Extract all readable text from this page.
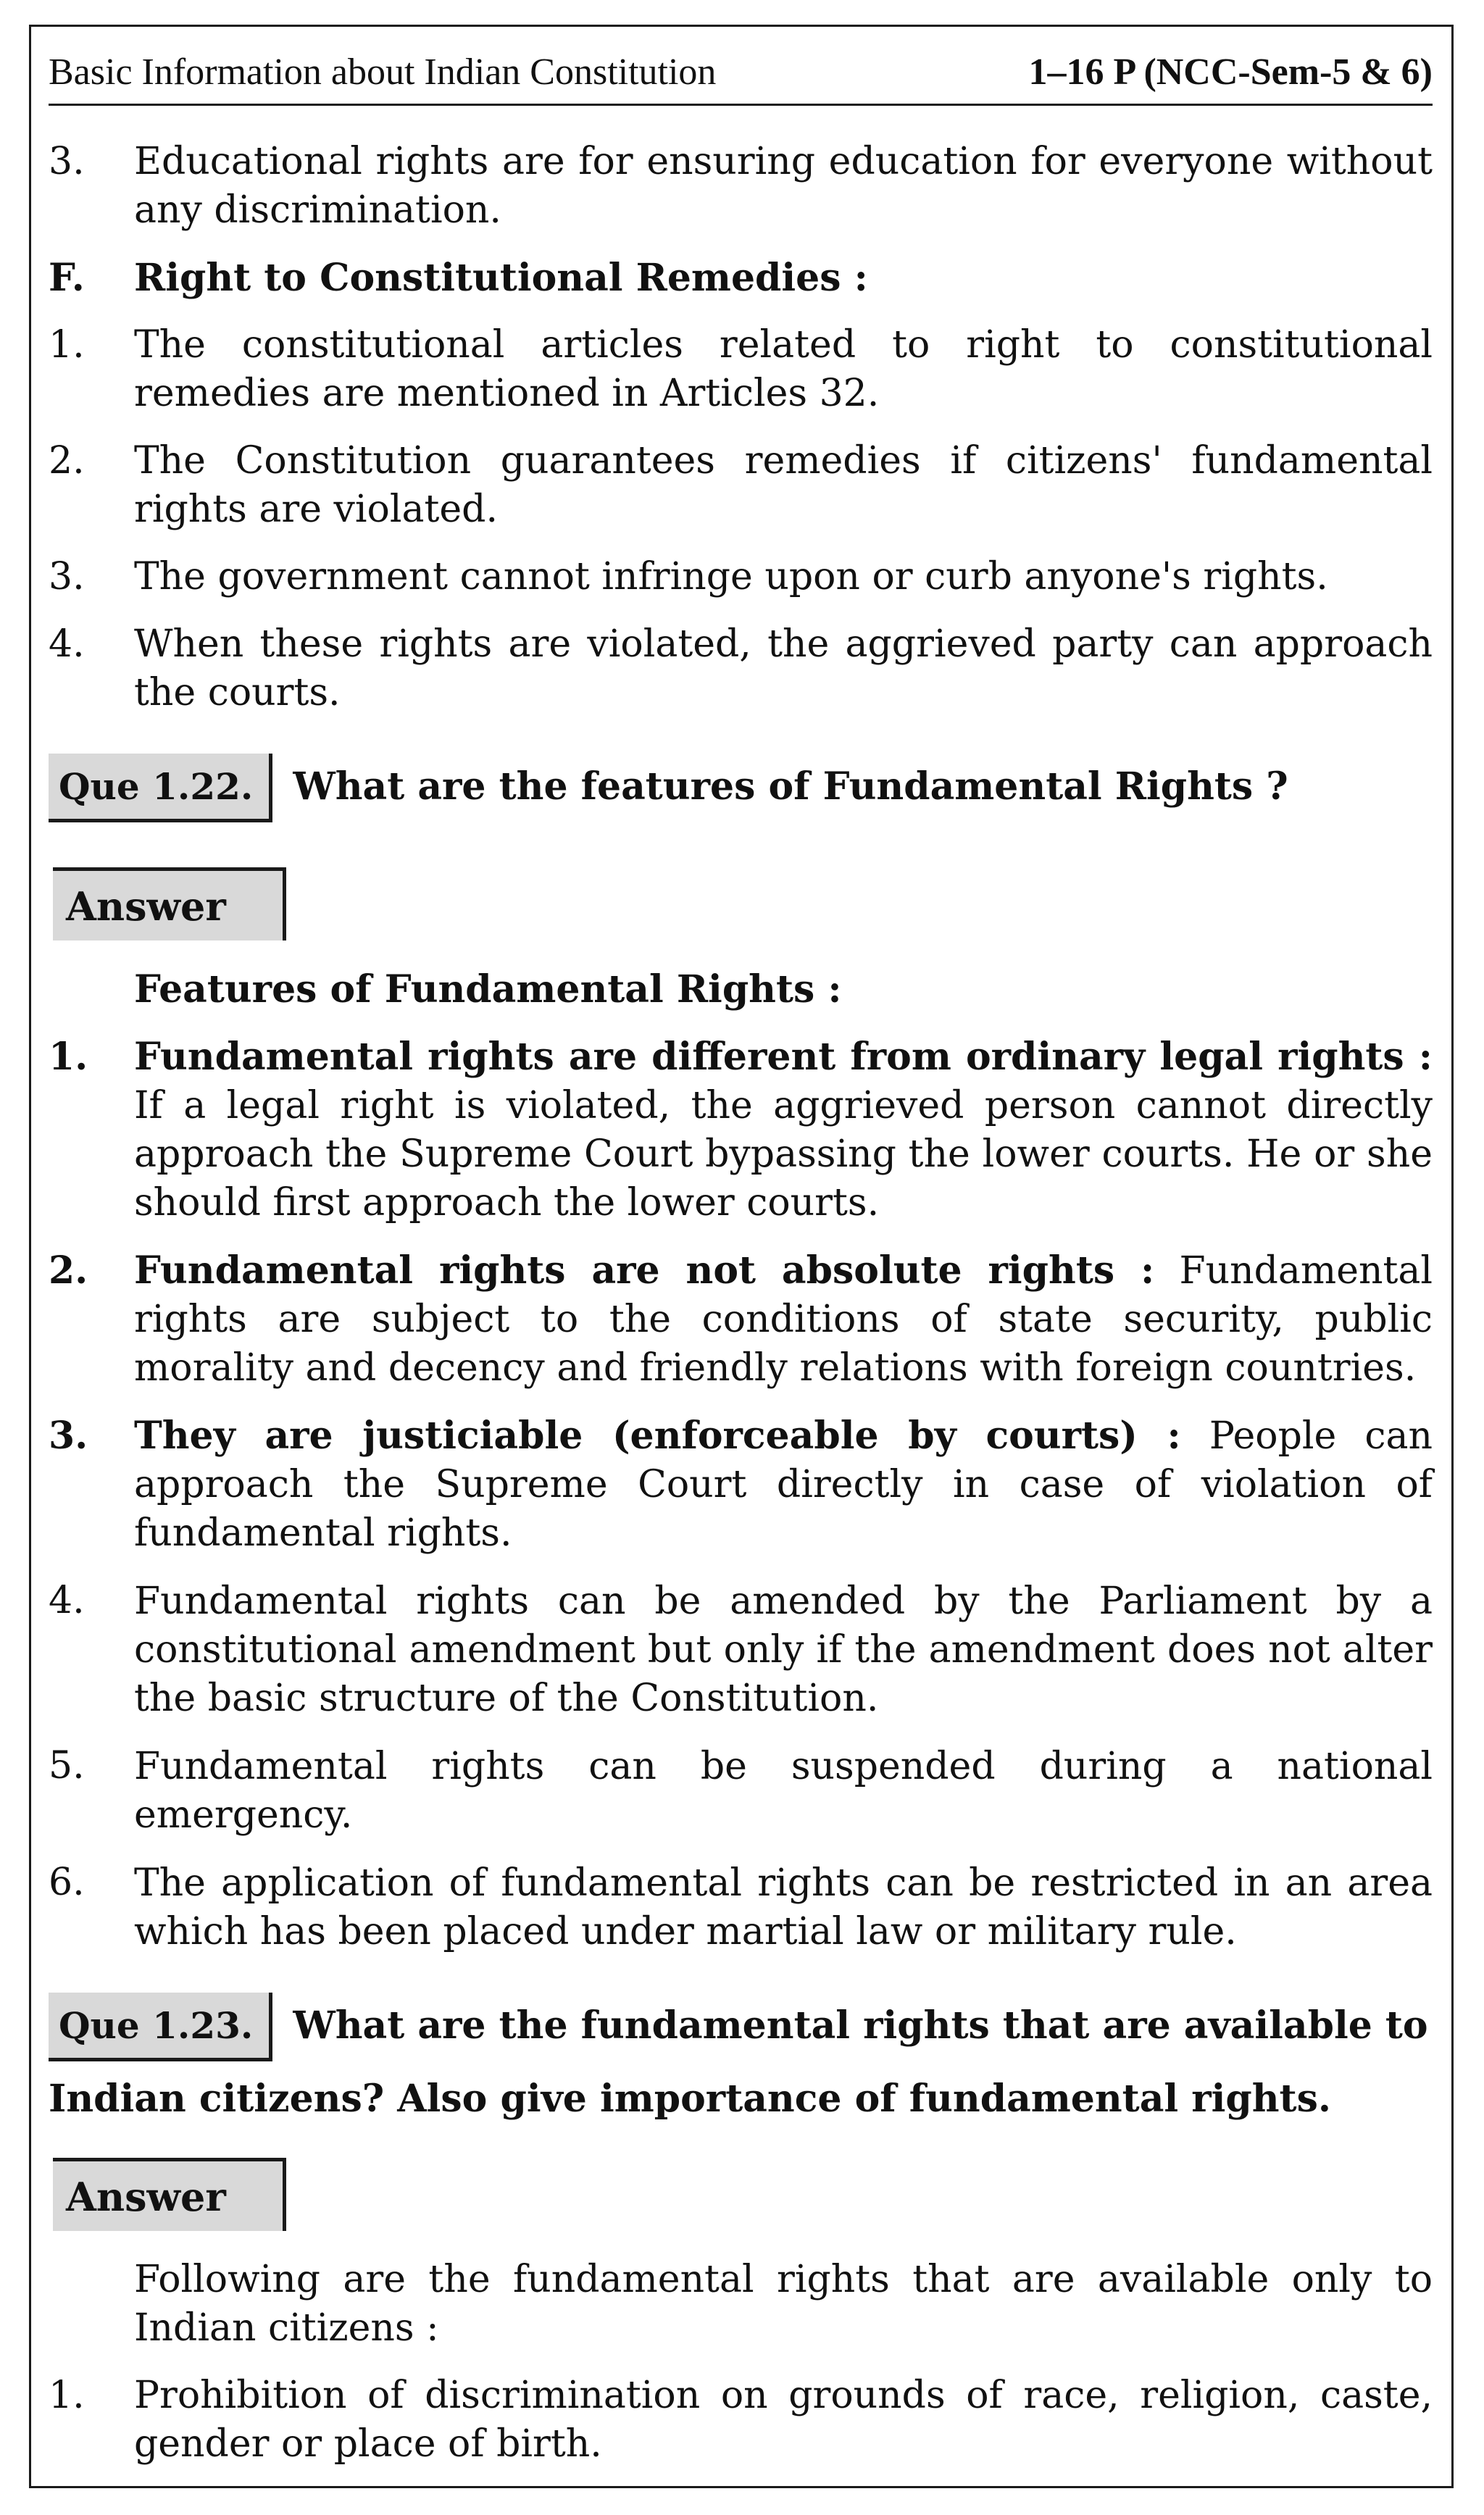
Basic Information about Indian Constitution	1–16 P (NCC-Sem-5 & 6)
3.	Educational rights are for ensuring education for everyone without any discrimination.
F.	Right to Constitutional Remedies :
1.	The constitutional articles related to right to constitutional remedies are mentioned in Articles 32.
2.	The Constitution guarantees remedies if citizens' fundamental rights are violated.
3.	The government cannot infringe upon or curb anyone's rights.
4.	When these rights are violated, the aggrieved party can approach the courts.
Que 1.22.	What are the features of Fundamental Rights ?
Answer
Features of Fundamental Rights :
1.	Fundamental rights are different from ordinary legal rights : If a legal right is violated, the aggrieved person cannot directly approach the Supreme Court bypassing the lower courts. He or she should first approach the lower courts.
2.	Fundamental rights are not absolute rights : Fundamental rights are subject to the conditions of state security, public morality and decency and friendly relations with foreign countries.
3.	They are justiciable (enforceable by courts) : People can approach the Supreme Court directly in case of violation of fundamental rights.
4.	Fundamental rights can be amended by the Parliament by a constitutional amendment but only if the amendment does not alter the basic structure of the Constitution.
5.	Fundamental rights can be suspended during a national emergency.
6.	The application of fundamental rights can be restricted in an area which has been placed under martial law or military rule.
Que 1.23.	What are the fundamental rights that are available to
Indian citizens? Also give importance of fundamental rights.
Answer
Following are the fundamental rights that are available only to Indian citizens :
1.	Prohibition of discrimination on grounds of race, religion, caste, gender or place of birth.
